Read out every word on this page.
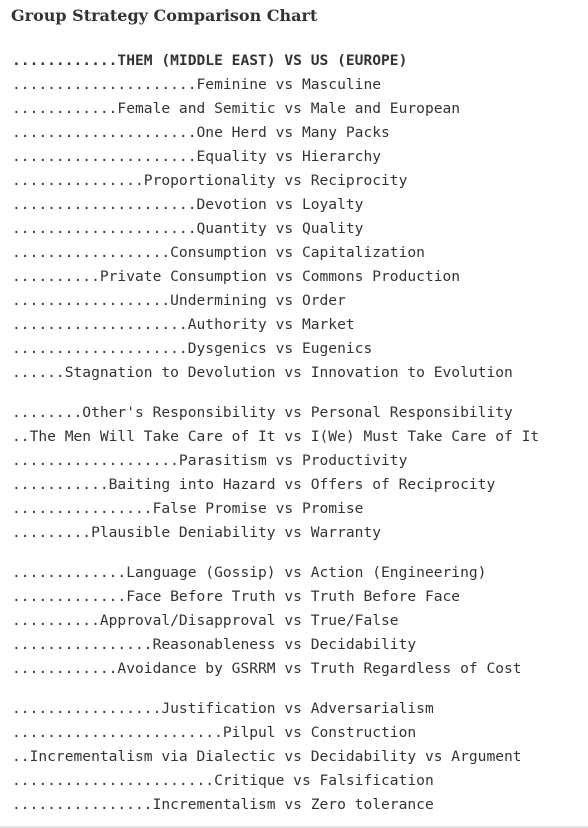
Group Strategy Comparison Chart
............THEM (MIDDLE EAST) VS US (EUROPE)
.....................Feminine vs Masculine
............Female and Semitic vs Male and European
.....................One Herd vs Many Packs
.....................Equality vs Hierarchy
...............Proportionality vs Reciprocity
.....................Devotion vs Loyalty
.....................Quantity vs Quality
..................Consumption vs Capitalization
..........Private Consumption vs Commons Production
..................Undermining vs Order
....................Authority vs Market
....................Dysgenics vs Eugenics
......Stagnation to Devolution vs Innovation to Evolution
........Other's Responsibility vs Personal Responsibility
..The Men Will Take Care of It vs I(We) Must Take Care of It
...................Parasitism vs Productivity
...........Baiting into Hazard vs Offers of Reciprocity
................False Promise vs Promise
.........Plausible Deniability vs Warranty
.............Language (Gossip) vs Action (Engineering)
.............Face Before Truth vs Truth Before Face
..........Approval/Disapproval vs True/False
................Reasonableness vs Decidability
............Avoidance by GSRRM vs Truth Regardless of Cost
.................Justification vs Adversarialism
........................Pilpul vs Construction
..Incrementalism via Dialectic vs Decidability vs Argument
.......................Critique vs Falsification
................Incrementalism vs Zero tolerance
